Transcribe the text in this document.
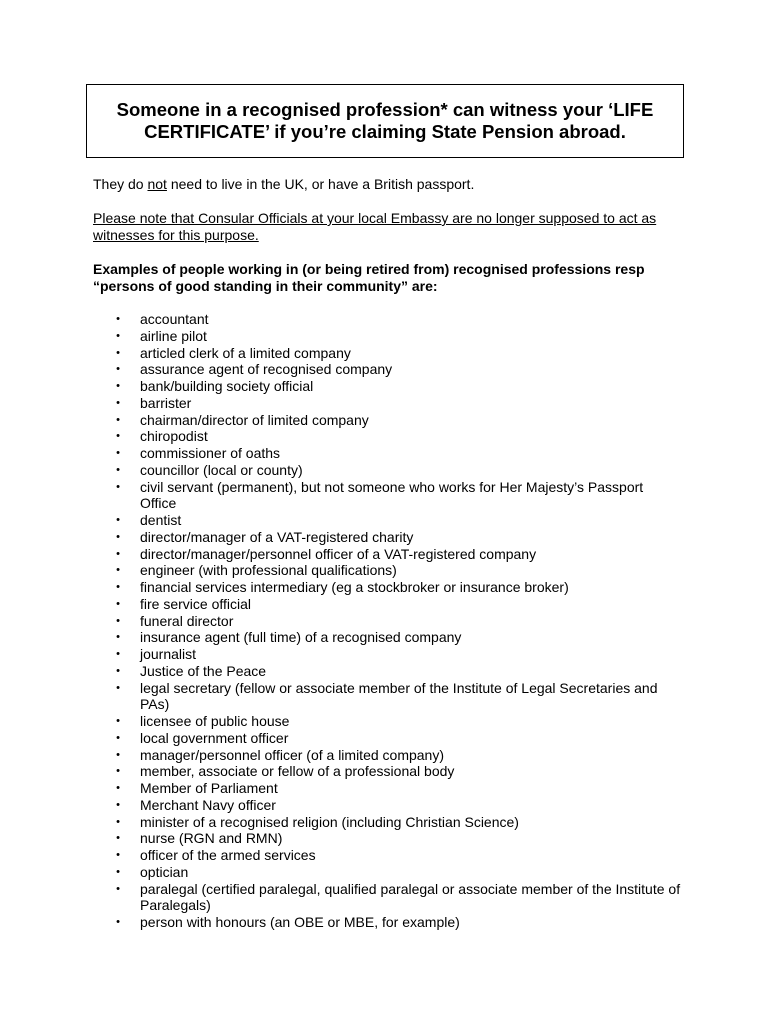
Someone in a recognised profession* can witness your ‘LIFE CERTIFICATE’ if you’re claiming State Pension abroad.

They do not need to live in the UK, or have a British passport.

Please note that Consular Officials at your local Embassy are no longer supposed to act as witnesses for this purpose.

Examples of people working in (or being retired from) recognised professions resp “persons of good standing in their community” are:

• accountant
• airline pilot
• articled clerk of a limited company
• assurance agent of recognised company
• bank/building society official
• barrister
• chairman/director of limited company
• chiropodist
• commissioner of oaths
• councillor (local or county)
• civil servant (permanent), but not someone who works for Her Majesty’s Passport Office
• dentist
• director/manager of a VAT-registered charity
• director/manager/personnel officer of a VAT-registered company
• engineer (with professional qualifications)
• financial services intermediary (eg a stockbroker or insurance broker)
• fire service official
• funeral director
• insurance agent (full time) of a recognised company
• journalist
• Justice of the Peace
• legal secretary (fellow or associate member of the Institute of Legal Secretaries and PAs)
• licensee of public house
• local government officer
• manager/personnel officer (of a limited company)
• member, associate or fellow of a professional body
• Member of Parliament
• Merchant Navy officer
• minister of a recognised religion (including Christian Science)
• nurse (RGN and RMN)
• officer of the armed services
• optician
• paralegal (certified paralegal, qualified paralegal or associate member of the Institute of Paralegals)
• person with honours (an OBE or MBE, for example)
